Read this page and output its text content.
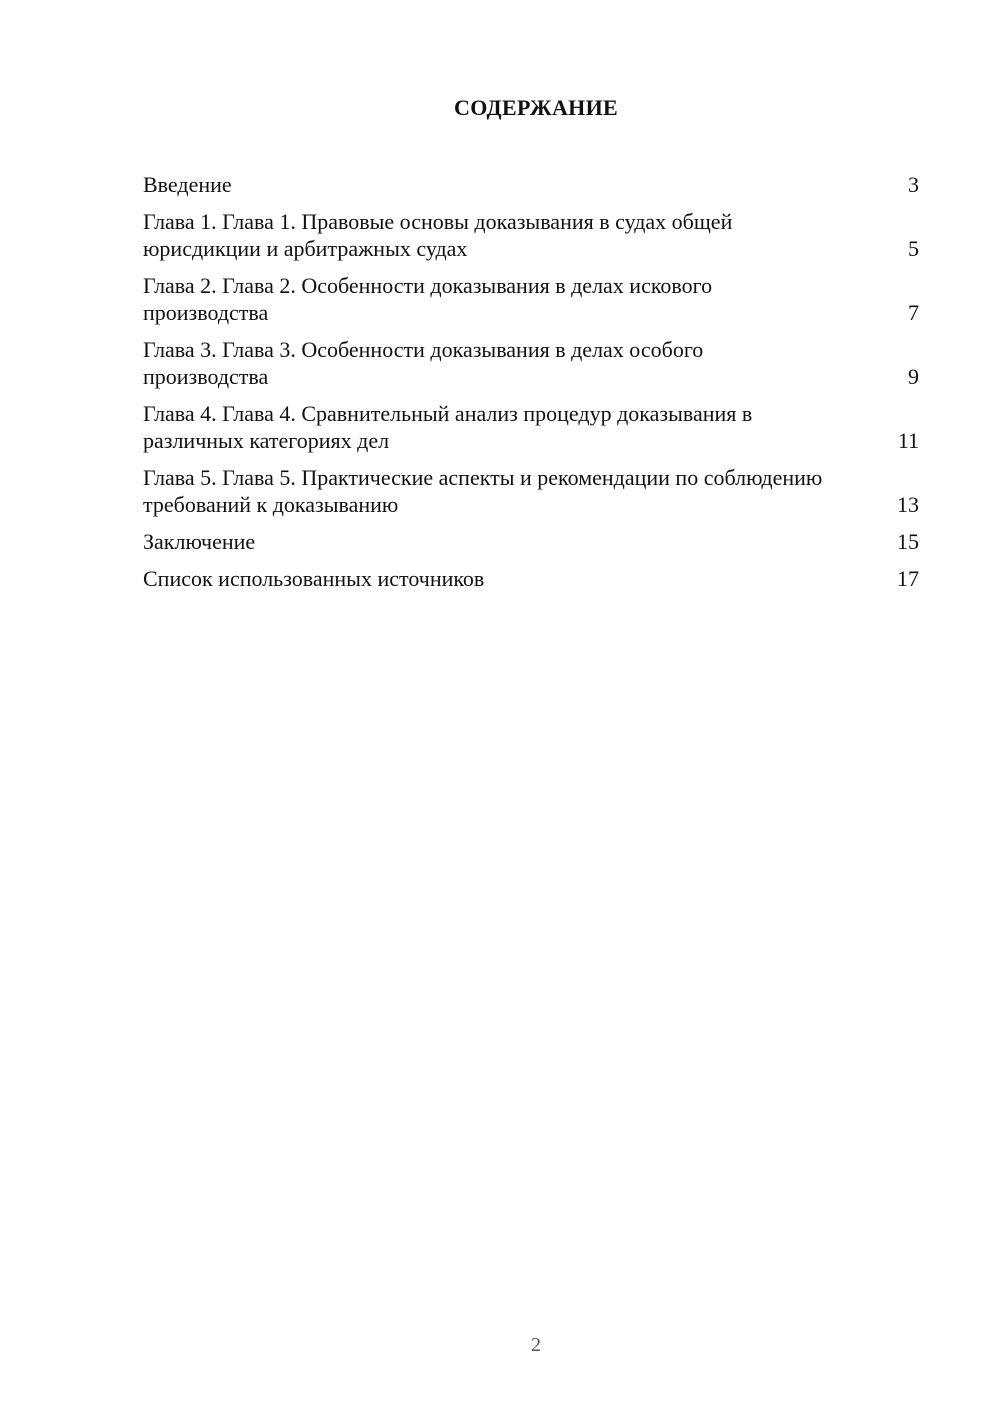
СОДЕРЖАНИЕ
Введение	3
Глава 1. Глава 1. Правовые основы доказывания в судах общей юрисдикции и арбитражных судах	5
Глава 2. Глава 2. Особенности доказывания в делах искового производства	7
Глава 3. Глава 3. Особенности доказывания в делах особого производства	9
Глава 4. Глава 4. Сравнительный анализ процедур доказывания в различных категориях дел	11
Глава 5. Глава 5. Практические аспекты и рекомендации по соблюдению требований к доказыванию	13
Заключение	15
Список использованных источников	17
2
